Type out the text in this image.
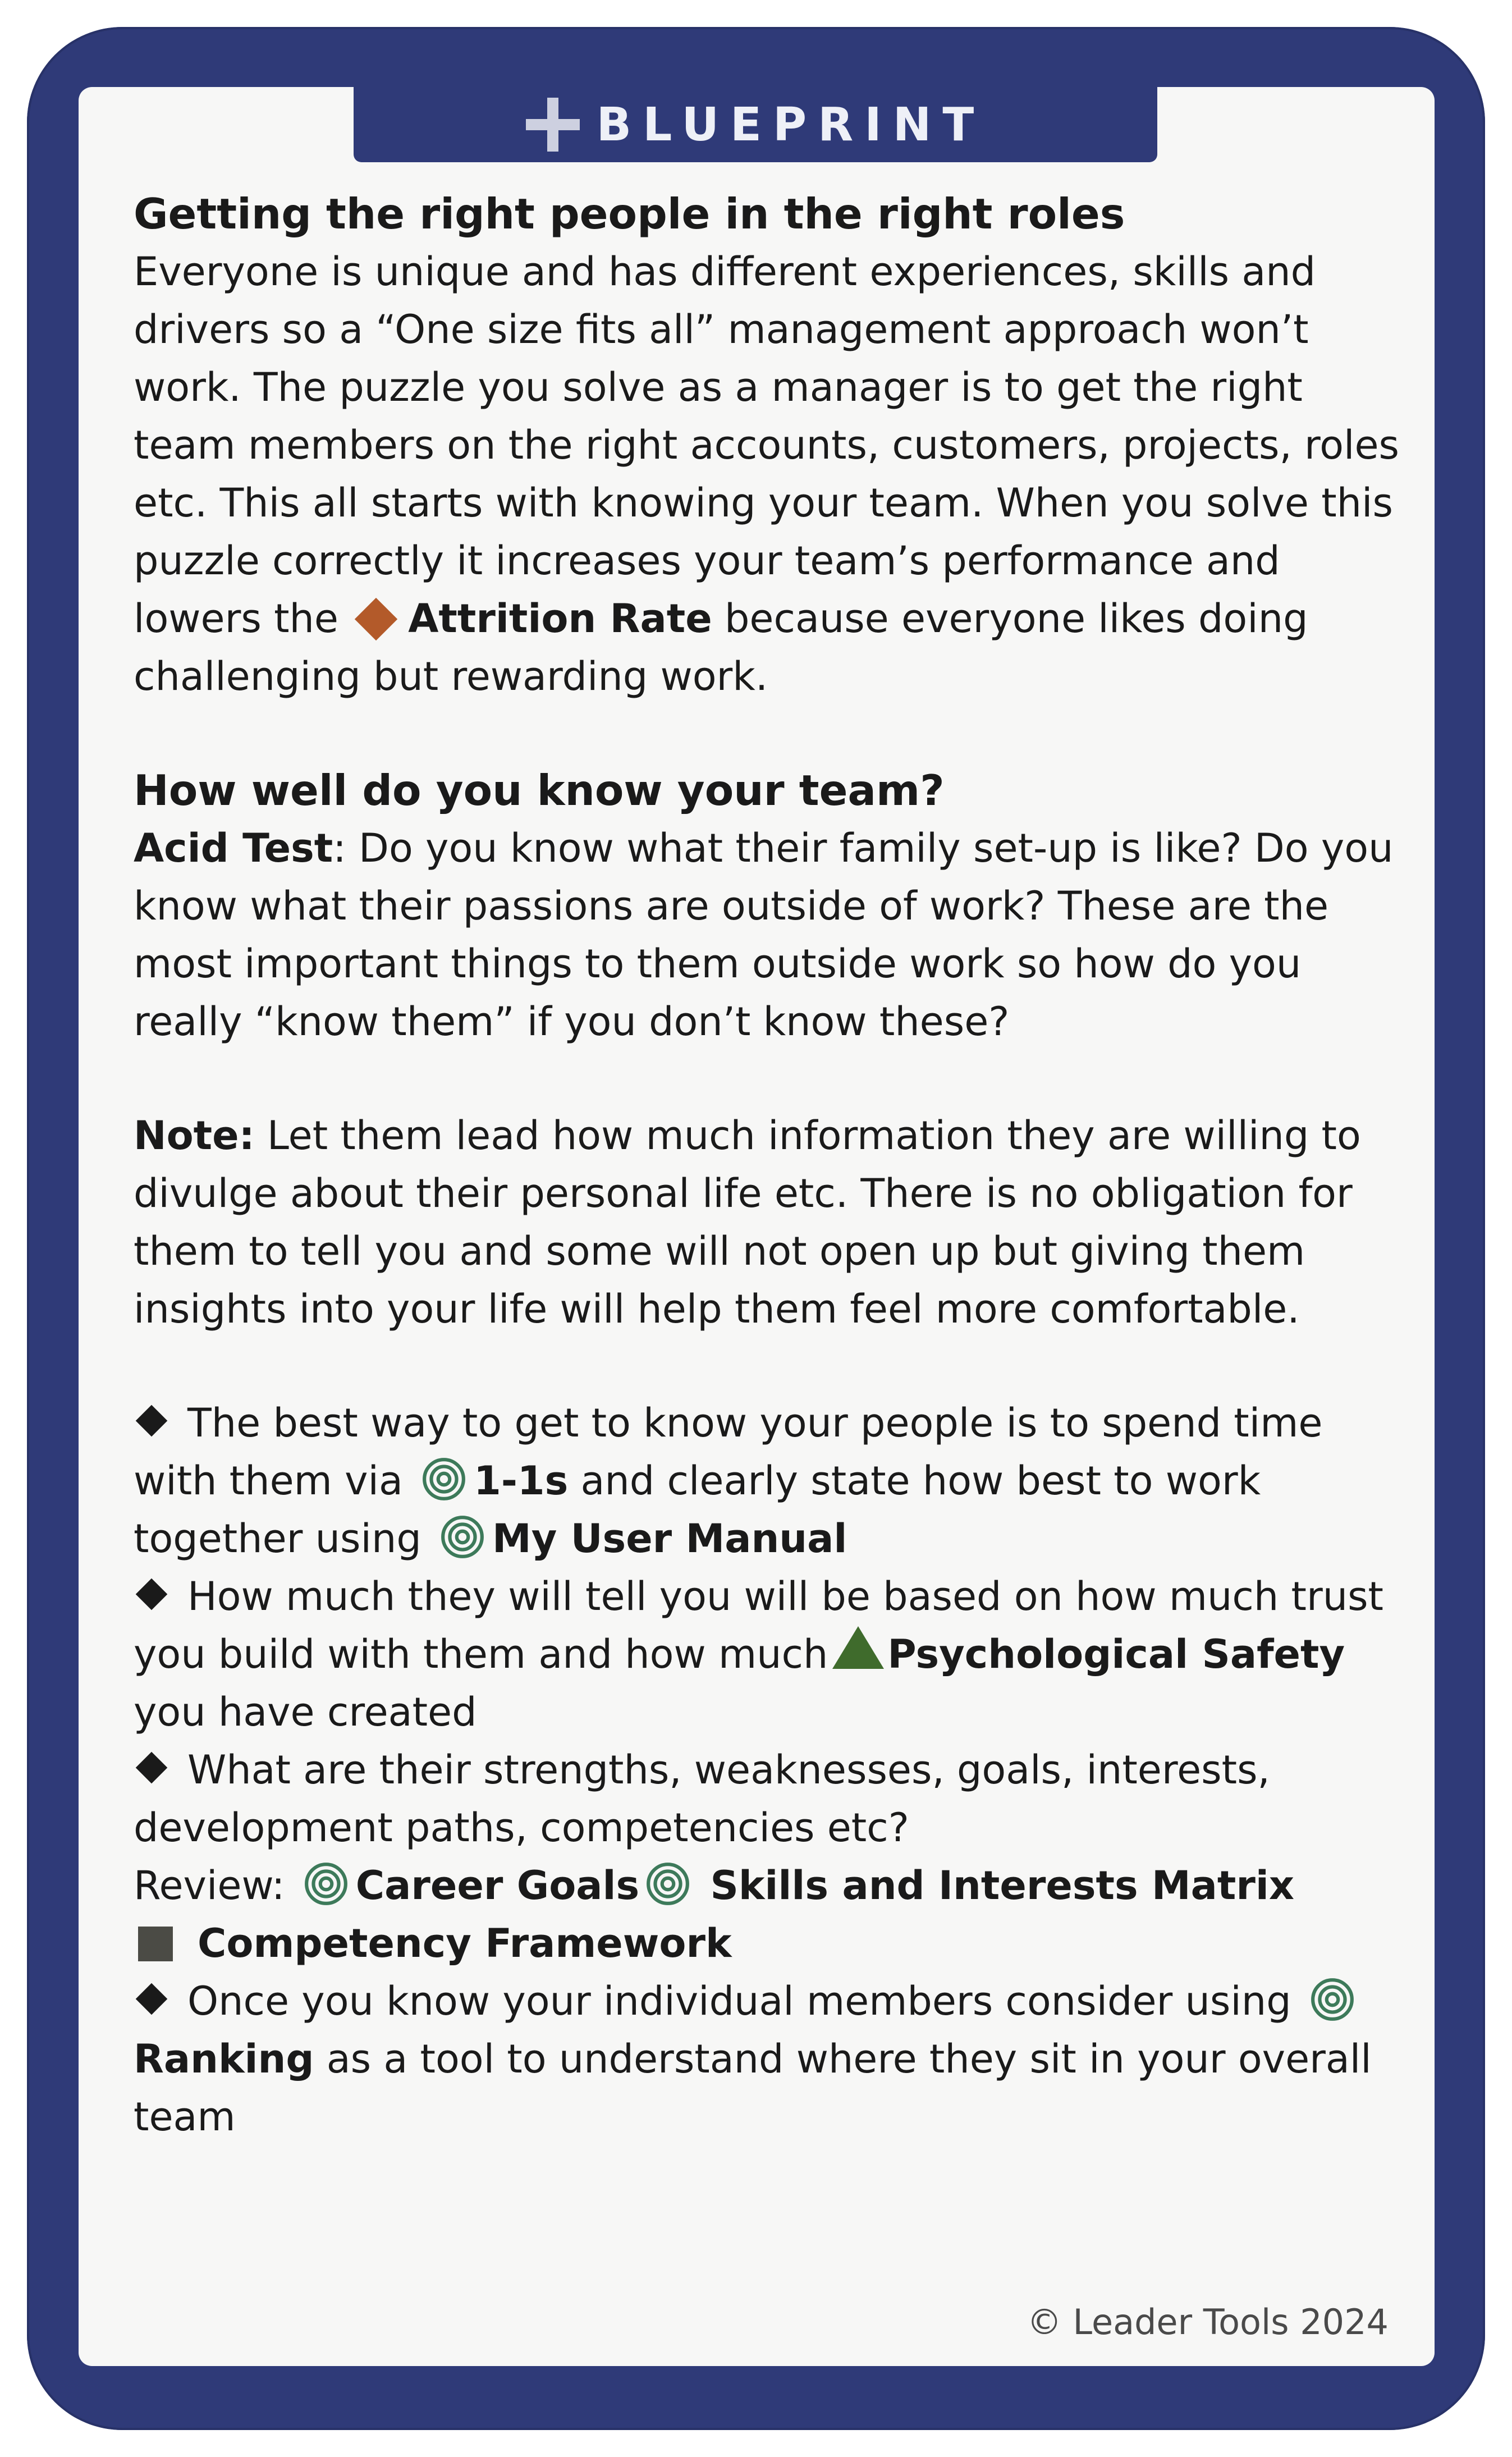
BLUEPRINT

Getting the right people in the right roles

Everyone is unique and has different experiences, skills and drivers so a “One size fits all” management approach won’t work. The puzzle you solve as a manager is to get the right team members on the right accounts, customers, projects, roles etc. This all starts with knowing your team. When you solve this puzzle correctly it increases your team’s performance and lowers the Attrition Rate because everyone likes doing challenging but rewarding work.

How well do you know your team?

Acid Test: Do you know what their family set-up is like? Do you know what their passions are outside of work? These are the most important things to them outside work so how do you really “know them” if you don’t know these?

Note: Let them lead how much information they are willing to divulge about their personal life etc. There is no obligation for them to tell you and some will not open up but giving them insights into your life will help them feel more comfortable.

The best way to get to know your people is to spend time with them via 1-1s and clearly state how best to work together using My User Manual

How much they will tell you will be based on how much trust you build with them and how much Psychological Safety you have created

What are their strengths, weaknesses, goals, interests, development paths, competencies etc?

Review: Career Goals Skills and Interests Matrix

Competency Framework

Once you know your individual members consider using Ranking as a tool to understand where they sit in your overall team

© Leader Tools 2024
